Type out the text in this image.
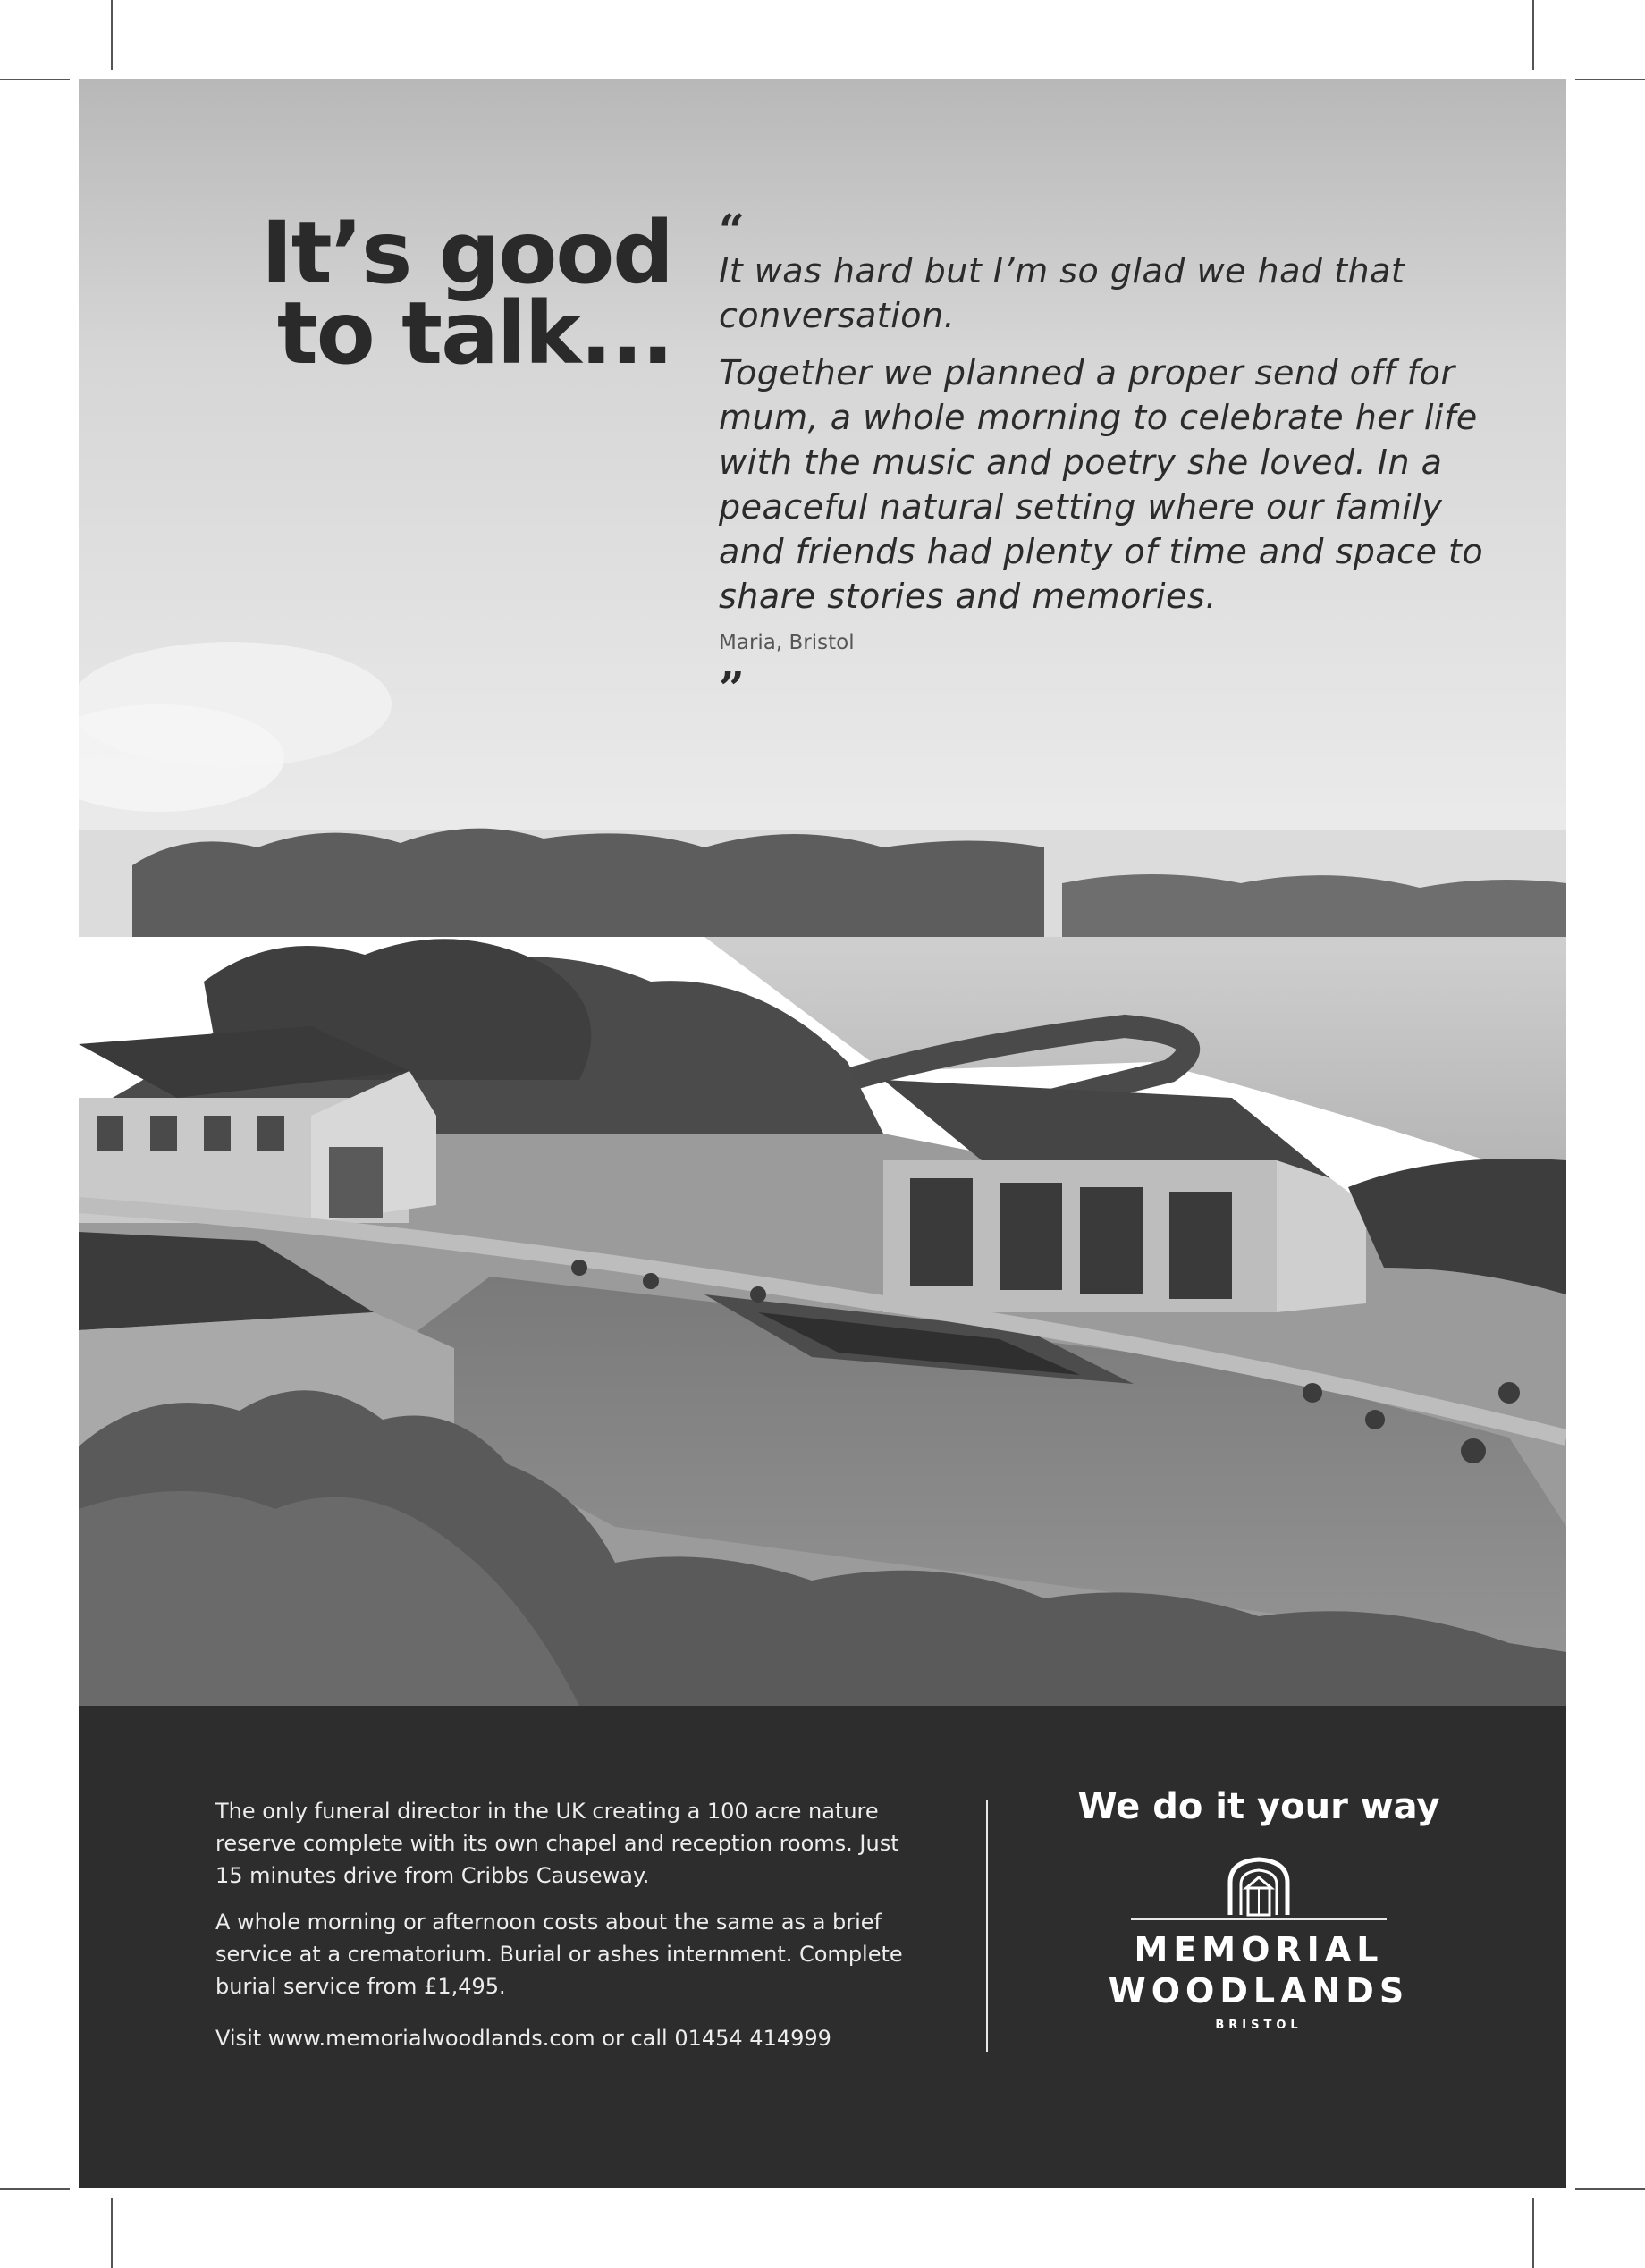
It’s good
to talk...
“

It was hard but I’m so glad we had that conversation.

Together we planned a proper send off for mum, a whole morning to celebrate her life with the music and poetry she loved. In a peaceful natural setting where our family and friends had plenty of time and space to share stories and memories.

Maria, Bristol
”

The only funeral director in the UK creating a 100 acre nature reserve complete with its own chapel and reception rooms. Just 15 minutes drive from Cribbs Causeway.

A whole morning or afternoon costs about the same as a brief service at a crematorium. Burial or ashes internment. Complete burial service from £1,495.

Visit www.memorialwoodlands.com or call 01454 414999

We do it your way
MEMORIAL
WOODLANDS
BRISTOL
